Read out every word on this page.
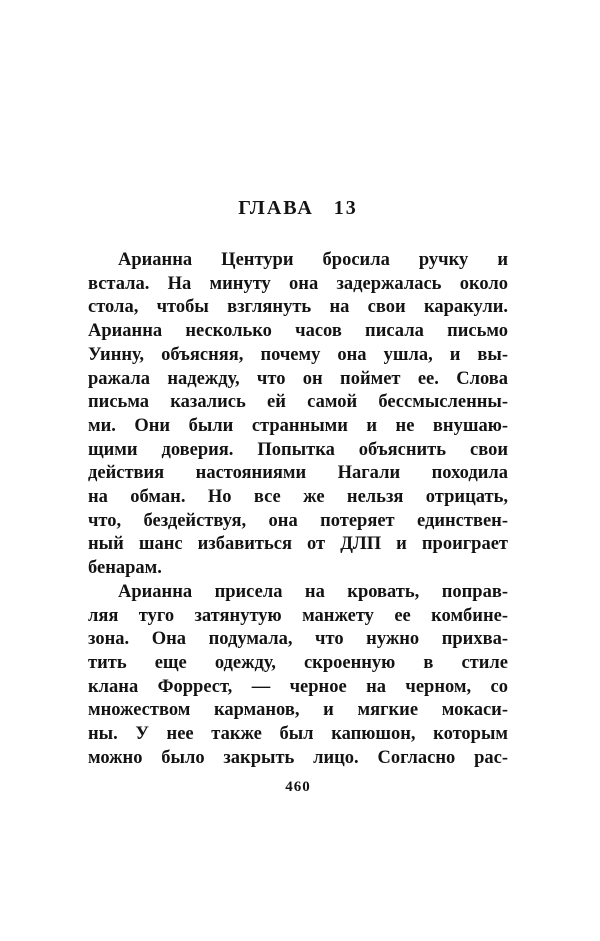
ГЛАВА 13
Арианна Центури бросила ручку и
встала. На минуту она задержалась около
стола, чтобы взглянуть на свои каракули.
Арианна несколько часов писала письмо
Уинну, объясняя, почему она ушла, и вы-
ражала надежду, что он поймет ее. Слова
письма казались ей самой бессмысленны-
ми. Они были странными и не внушаю-
щими доверия. Попытка объяснить свои
действия настояниями Нагали походила
на обман. Но все же нельзя отрицать,
что, бездействуя, она потеряет единствен-
ный шанс избавиться от ДЛП и проиграет
бенарам.
Арианна присела на кровать, поправ-
ляя туго затянутую манжету ее комбине-
зона. Она подумала, что нужно прихва-
тить еще одежду, скроенную в стиле
клана Форрест, — черное на черном, со
множеством карманов, и мягкие мокаси-
ны. У нее также был капюшон, которым
можно было закрыть лицо. Согласно рас-
460
